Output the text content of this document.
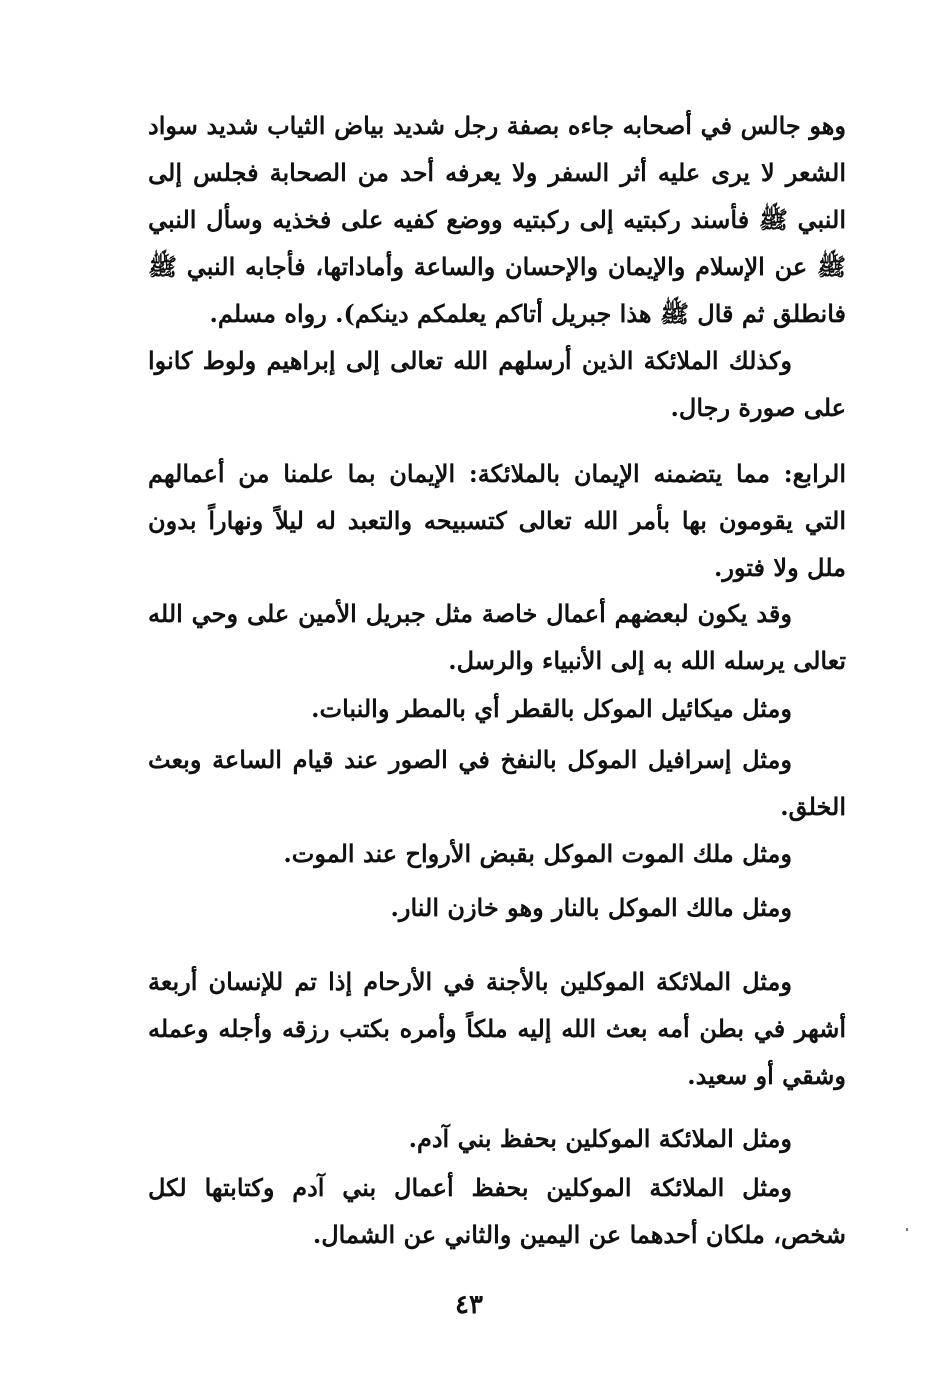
وهو جالس في أصحابه جاءه بصفة رجل شديد بياض الثياب شديد سواد الشعر لا يرى عليه أثر السفر ولا يعرفه أحد من الصحابة فجلس إلى النبي ﷺ فأسند ركبتيه إلى ركبتيه ووضع كفيه على فخذيه وسأل النبي ﷺ عن الإسلام والإيمان والإحسان والساعة وأماداتها، فأجابه النبي ﷺ فانطلق ثم قال ﷺ هذا جبريل أتاكم يعلمكم دينكم). رواه مسلم.

وكذلك الملائكة الذين أرسلهم الله تعالى إلى إبراهيم ولوط كانوا على صورة رجال.

الرابع: مما يتضمنه الإيمان بالملائكة: الإيمان بما علمنا من أعمالهم التي يقومون بها بأمر الله تعالى كتسبيحه والتعبد له ليلاً ونهاراً بدون ملل ولا فتور.

وقد يكون لبعضهم أعمال خاصة مثل جبريل الأمين على وحي الله تعالى يرسله الله به إلى الأنبياء والرسل.

ومثل ميكائيل الموكل بالقطر أي بالمطر والنبات.

ومثل إسرافيل الموكل بالنفخ في الصور عند قيام الساعة وبعث الخلق.

ومثل ملك الموت الموكل بقبض الأرواح عند الموت.

ومثل مالك الموكل بالنار وهو خازن النار.

ومثل الملائكة الموكلين بالأجنة في الأرحام إذا تم للإنسان أربعة أشهر في بطن أمه بعث الله إليه ملكاً وأمره بكتب رزقه وأجله وعمله وشقي أو سعيد.

ومثل الملائكة الموكلين بحفظ بني آدم.

ومثل الملائكة الموكلين بحفظ أعمال بني آدم وكتابتها لكل شخص، ملكان أحدهما عن اليمين والثاني عن الشمال.

٤٣
